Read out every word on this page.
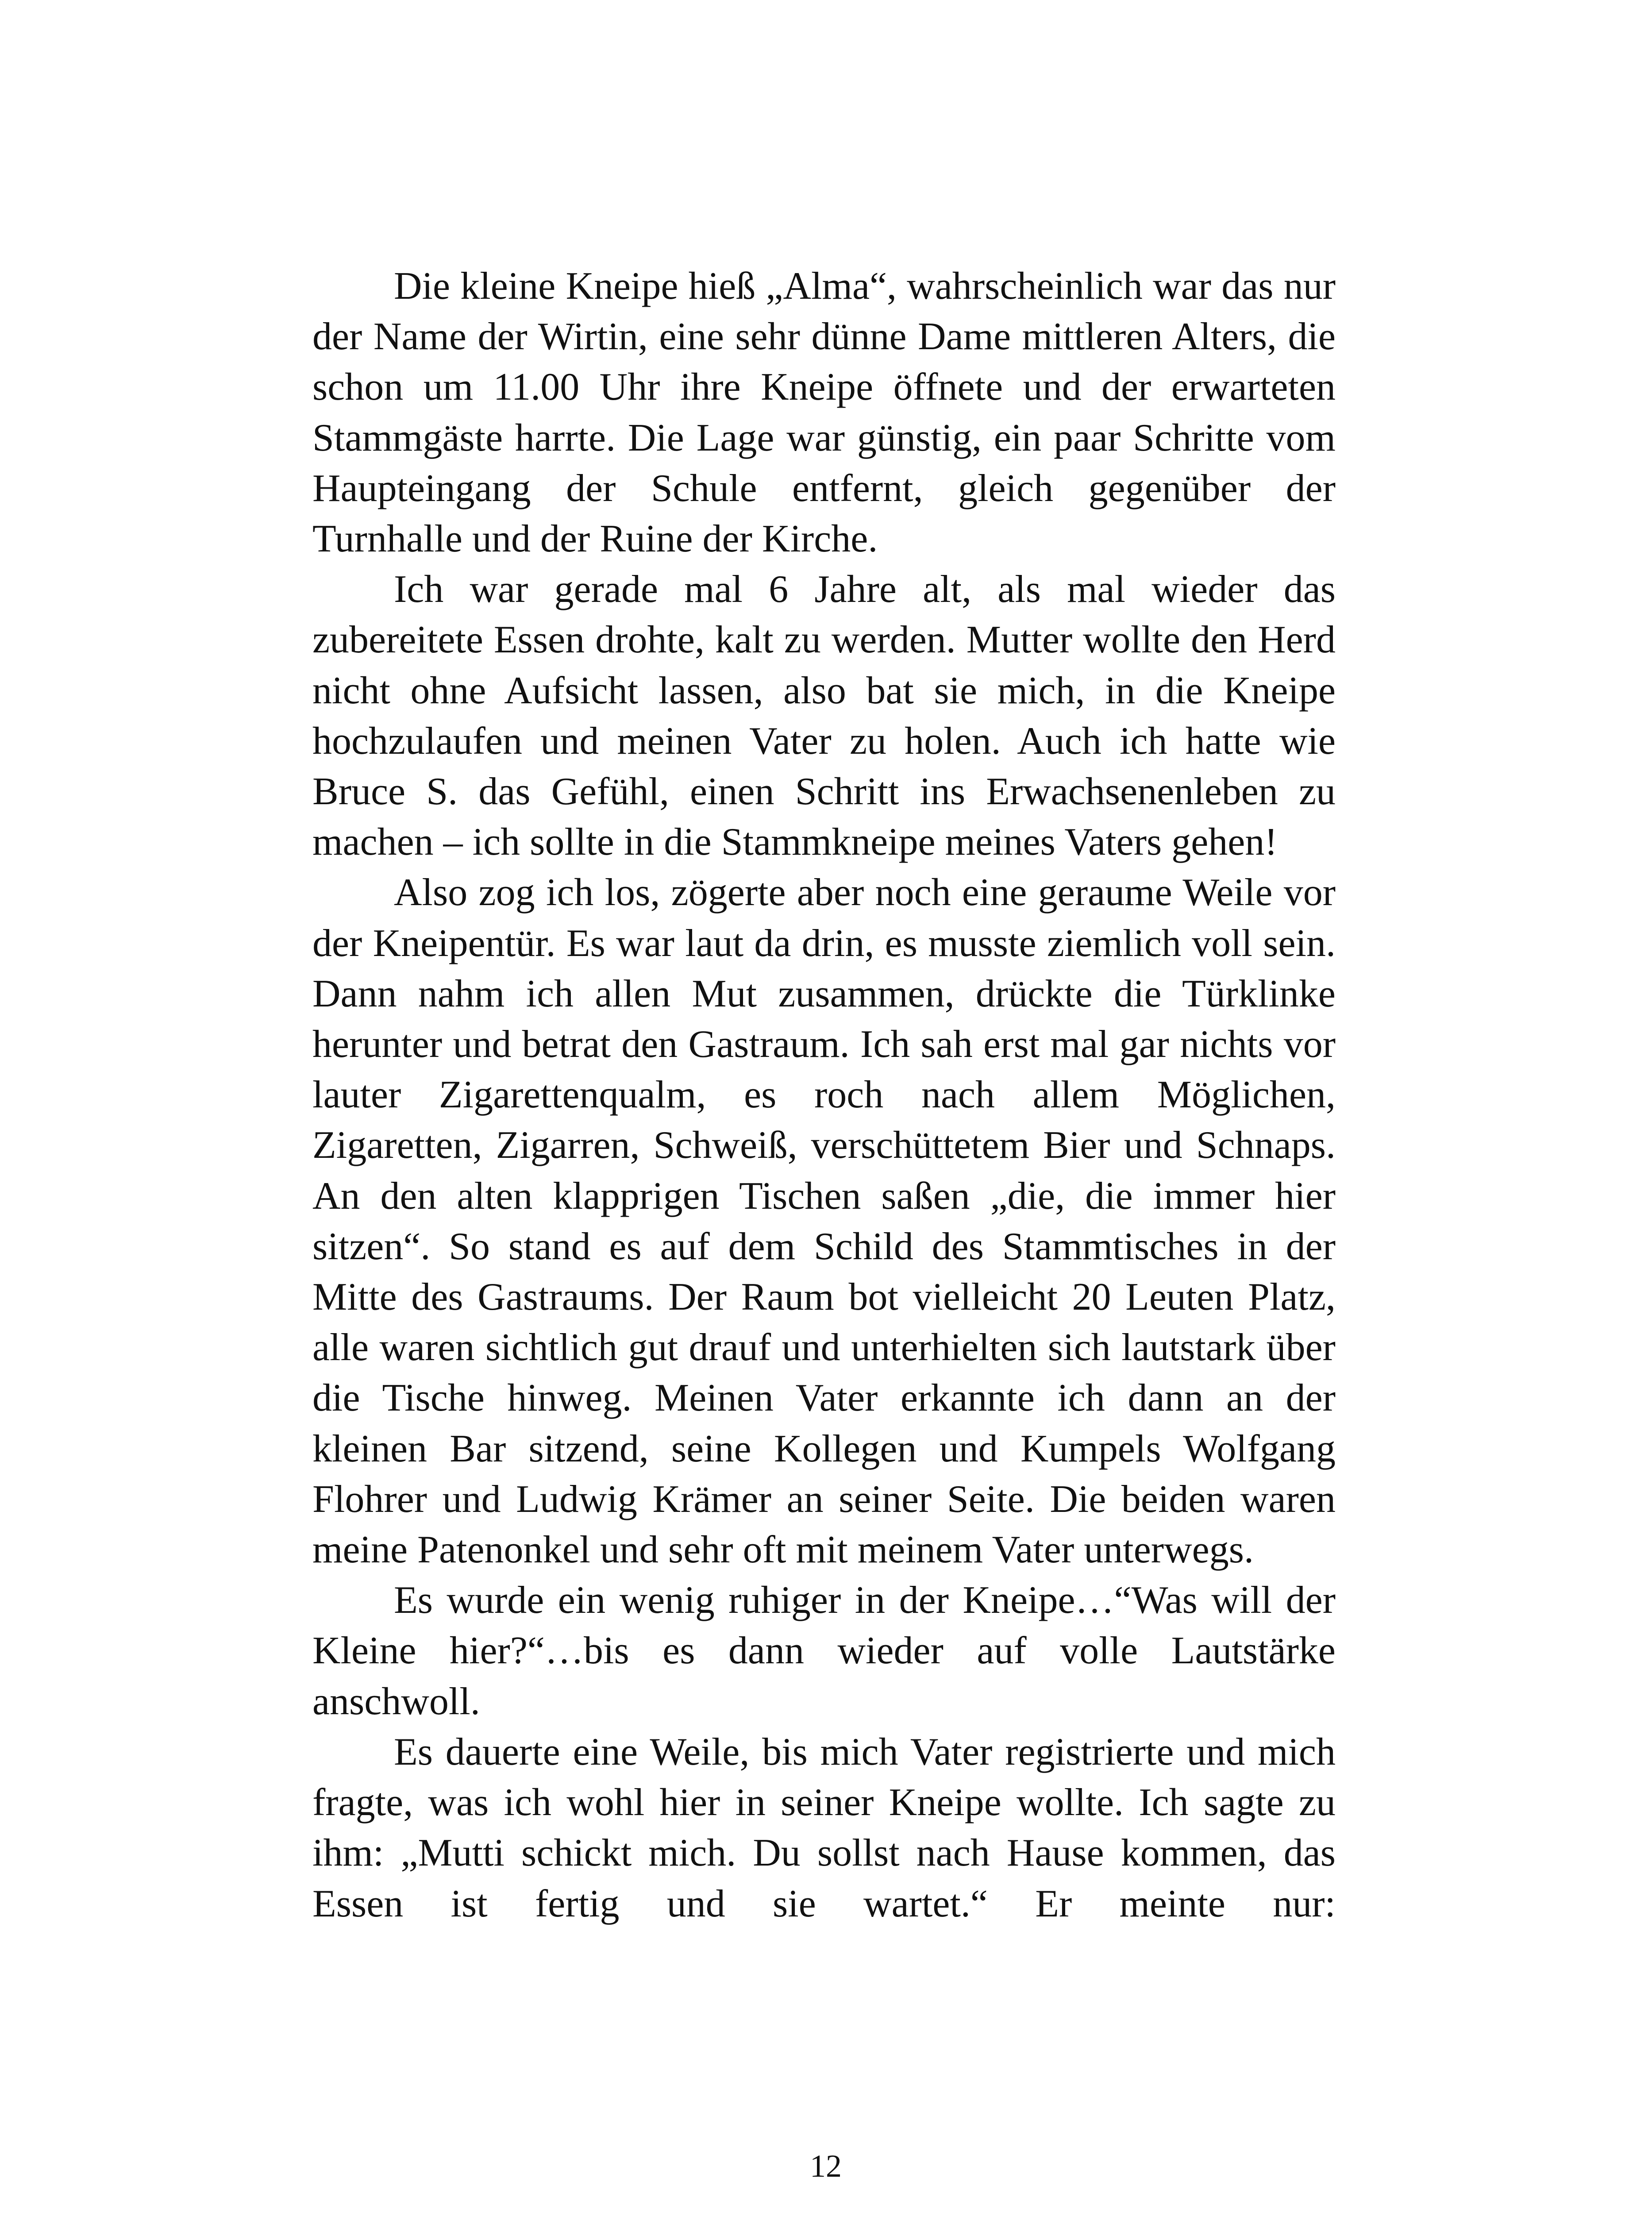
Die kleine Kneipe hieß „Alma“, wahrscheinlich war das nur der Name der Wirtin, eine sehr dünne Dame mittleren Alters, die schon um 11.00 Uhr ihre Kneipe öffnete und der erwarteten Stammgäste harrte. Die Lage war günstig, ein paar Schritte vom Haupteingang der Schule entfernt, gleich gegenüber der Turnhalle und der Ruine der Kirche.

Ich war gerade mal 6 Jahre alt, als mal wieder das zubereitete Essen drohte, kalt zu werden. Mutter wollte den Herd nicht ohne Aufsicht lassen, also bat sie mich, in die Kneipe hochzulaufen und meinen Vater zu holen. Auch ich hatte wie Bruce S. das Gefühl, einen Schritt ins Erwachsenenleben zu machen – ich sollte in die Stammkneipe meines Vaters gehen!

Also zog ich los, zögerte aber noch eine geraume Weile vor der Kneipentür. Es war laut da drin, es musste ziemlich voll sein. Dann nahm ich allen Mut zusammen, drückte die Türklinke herunter und betrat den Gastraum. Ich sah erst mal gar nichts vor lauter Zigarettenqualm, es roch nach allem Möglichen, Zigaretten, Zigarren, Schweiß, verschüttetem Bier und Schnaps. An den alten klapprigen Tischen saßen „die, die immer hier sitzen“. So stand es auf dem Schild des Stammtisches in der Mitte des Gastraums. Der Raum bot vielleicht 20 Leuten Platz, alle waren sichtlich gut drauf und unterhielten sich lautstark über die Tische hinweg. Meinen Vater erkannte ich dann an der kleinen Bar sitzend, seine Kollegen und Kumpels Wolfgang Flohrer und Ludwig Krämer an seiner Seite. Die beiden waren meine Patenonkel und sehr oft mit meinem Vater unterwegs.

Es wurde ein wenig ruhiger in der Kneipe…“Was will der Kleine hier?“…bis es dann wieder auf volle Lautstärke anschwoll.

Es dauerte eine Weile, bis mich Vater registrierte und mich fragte, was ich wohl hier in seiner Kneipe wollte. Ich sagte zu ihm: „Mutti schickt mich. Du sollst nach Hause kommen, das Essen ist fertig und sie wartet.“ Er meinte nur:

12
